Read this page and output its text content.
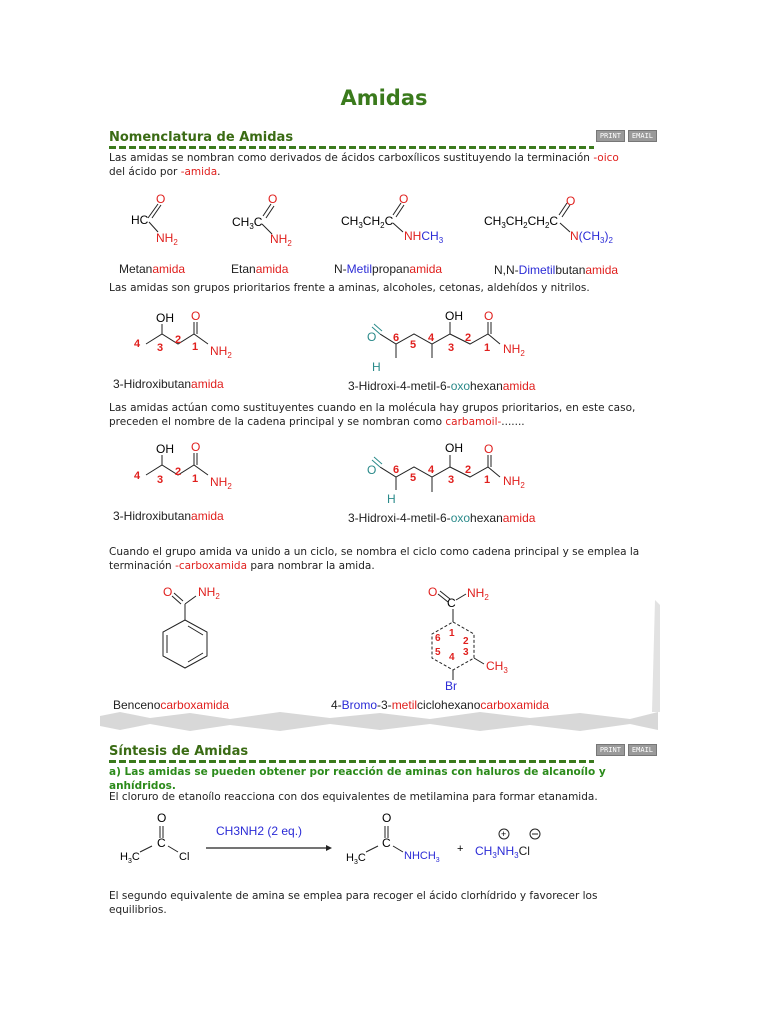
Amidas
Nomenclatura de Amidas	PRINT	EMAIL

Las amidas se nombran como derivados de ácidos carboxílicos sustituyendo la terminación -oico
del ácido por -amida.

HC
O
$NH_2$
$CH_3C$
O
$NH_2$
$CH_3CH_2C$
O
$NHCH_3$
$CH_3CH_2CH_2C$
O
$N(CH_3)_2$
OH O
$NH_2$
4 3
2
1
O
H
OH O
$NH_2$
6
5
4
3
2
1
OH O
$NH_2$
4 3
2
1
O
H
OH O
$NH_2$
6
5
4
3
2
1
O $NH_2$	O
C
$NH_2$
$CH_3$
Br
1
2
3
4
5
6
O
C
$H_3C$	Cl
O
C
$H_3C$	$NHCH_3$
+ $CH_3NH_3Cl$
+

Metanamida	Etanamida	N-Metilpropanamida	N,N-Dimetilbutanamida

Las amidas son grupos prioritarios frente a aminas, alcoholes, cetonas, aldehídos y nitrilos.

3-Hidroxibutanamida	3-Hidroxi-4-metil-6-oxohexanamida

Las amidas actúan como sustituyentes cuando en la molécula hay grupos prioritarios, en este caso, preceden el nombre de la cadena principal y se nombran como carbamoil-.......

3-Hidroxibutanamida	3-Hidroxi-4-metil-6-oxohexanamida

Cuando el grupo amida va unido a un ciclo, se nombra el ciclo como cadena principal y se emplea la terminación -carboxamida para nombrar la amida.

Bencenocarboxamida	4-Bromo-3-metilciclohexanocarboxamida

Síntesis de Amidas	PRINT	EMAIL

a) Las amidas se pueden obtener por reacción de aminas con haluros de alcanoílo y anhídridos.

El cloruro de etanoílo reacciona con dos equivalentes de metilamina para formar etanamida.

CH3NH2 (2 eq.)

El segundo equivalente de amina se emplea para recoger el ácido clorhídrido y favorecer los equilibrios.
